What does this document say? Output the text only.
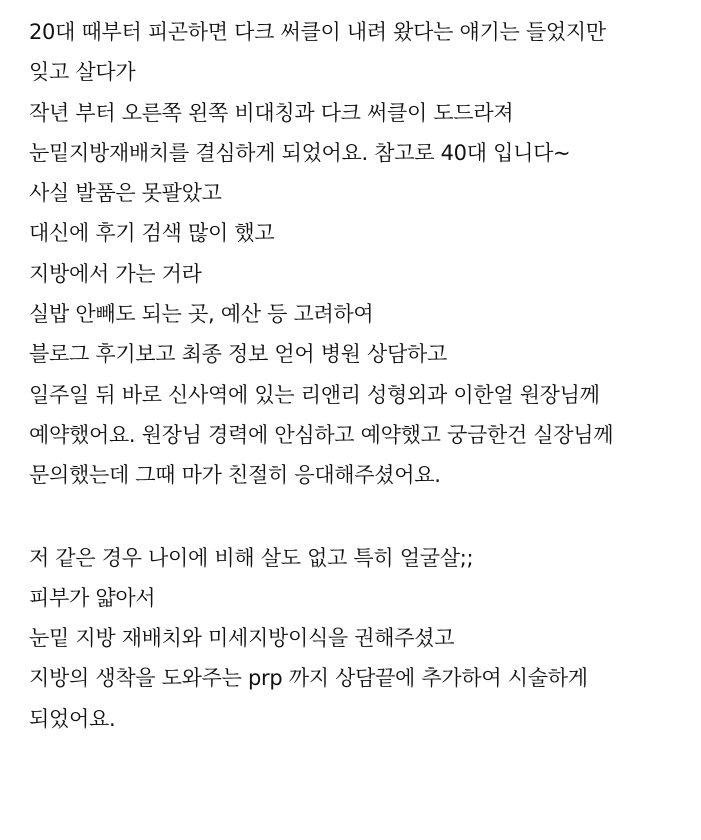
20대 때부터 피곤하면 다크 써클이 내려 왔다는 얘기는 들었지만
잊고 살다가
작년 부터 오른쪽 왼쪽 비대칭과 다크 써클이 도드라져
눈밑지방재배치를 결심하게 되었어요. 참고로 40대 입니다~
사실 발품은 못팔았고
대신에 후기 검색 많이 했고
지방에서 가는 거라
실밥 안빼도 되는 곳, 예산 등 고려하여
블로그 후기보고 최종 정보 얻어 병원 상담하고
일주일 뒤 바로 신사역에 있는 리앤리 성형외과 이한얼 원장님께
예약했어요. 원장님 경력에 안심하고 예약했고 궁금한건 실장님께
문의했는데 그때 마가 친절히 응대해주셨어요.
저 같은 경우 나이에 비해 살도 없고 특히 얼굴살;;
피부가 얇아서
눈밑 지방 재배치와 미세지방이식을 권해주셨고
지방의 생착을 도와주는 prp 까지 상담끝에 추가하여 시술하게
되었어요.
